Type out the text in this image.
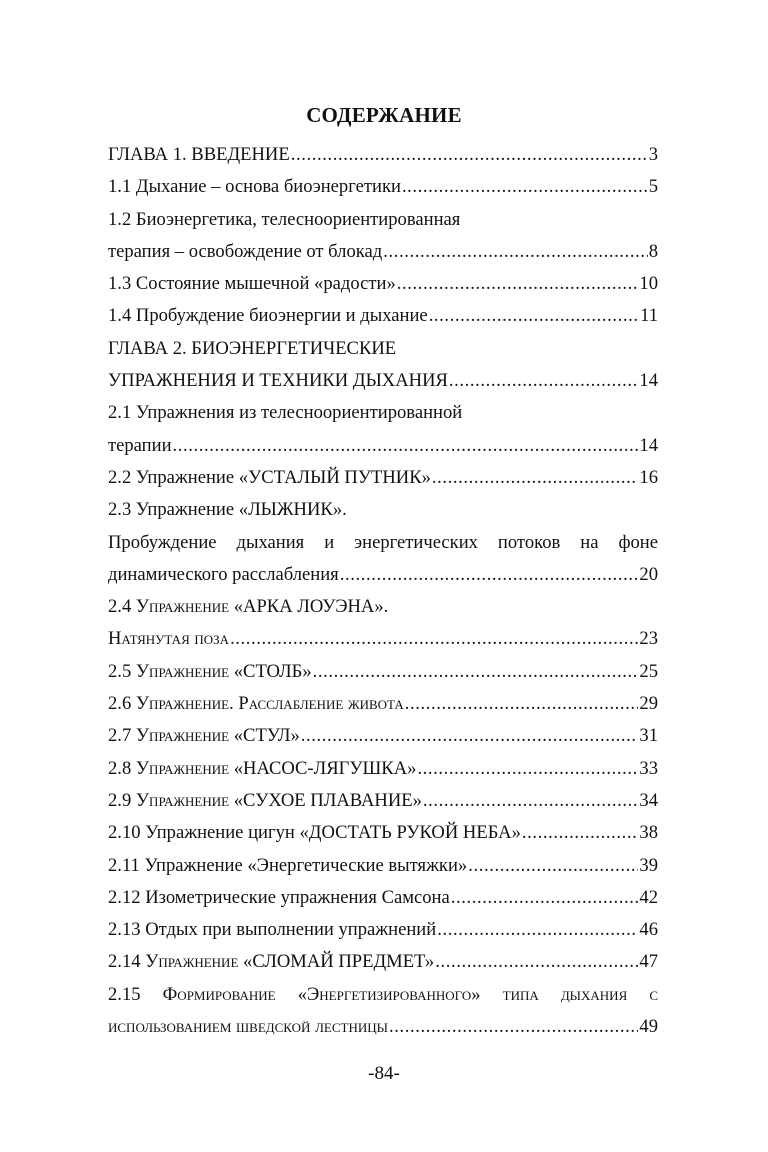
СОДЕРЖАНИЕ
ГЛАВА 1. ВВЕДЕНИЕ .....	3
1.1 Дыхание – основа биоэнергетики .....	5
1.2 Биоэнергетика, телесноориентированная
терапия – освобождение от блокад .....	8
1.3 Состояние мышечной «радости» .....	10
1.4 Пробуждение биоэнергии и дыхание .....	11
ГЛАВА 2. БИОЭНЕРГЕТИЧЕСКИЕ
УПРАЖНЕНИЯ И ТЕХНИКИ ДЫХАНИЯ .....	14
2.1 Упражнения из телесноориентированной
терапии .....	14
2.2 Упражнение «УСТАЛЫЙ ПУТНИК» .....	16
2.3 Упражнение «ЛЫЖНИК».
Пробуждение дыхания и энергетических потоков на фоне
динамического расслабления .....	20
2.4 Упражнение «АРКА ЛОУЭНА».
Натянутая поза .....	23
2.5 Упражнение «СТОЛБ» .....	25
2.6 Упражнение. Расслабление живота .....	29
2.7 Упражнение «СТУЛ» .....	31
2.8 Упражнение «НАСОС-ЛЯГУШКА» .....	33
2.9 Упражнение «СУХОЕ ПЛАВАНИЕ» .....	34
2.10 Упражнение цигун «ДОСТАТЬ РУКОЙ НЕБА» .....	38
2.11 Упражнение «Энергетические вытяжки» .....	39
2.12 Изометрические упражнения Самсона .....	42
2.13 Отдых при выполнении упражнений .....	46
2.14 Упражнение «СЛОМАЙ ПРЕДМЕТ» .....	47
2.15 Формирование «Энергетизированного» типа дыхания с
использованием шведской лестницы .....	49
-84-
